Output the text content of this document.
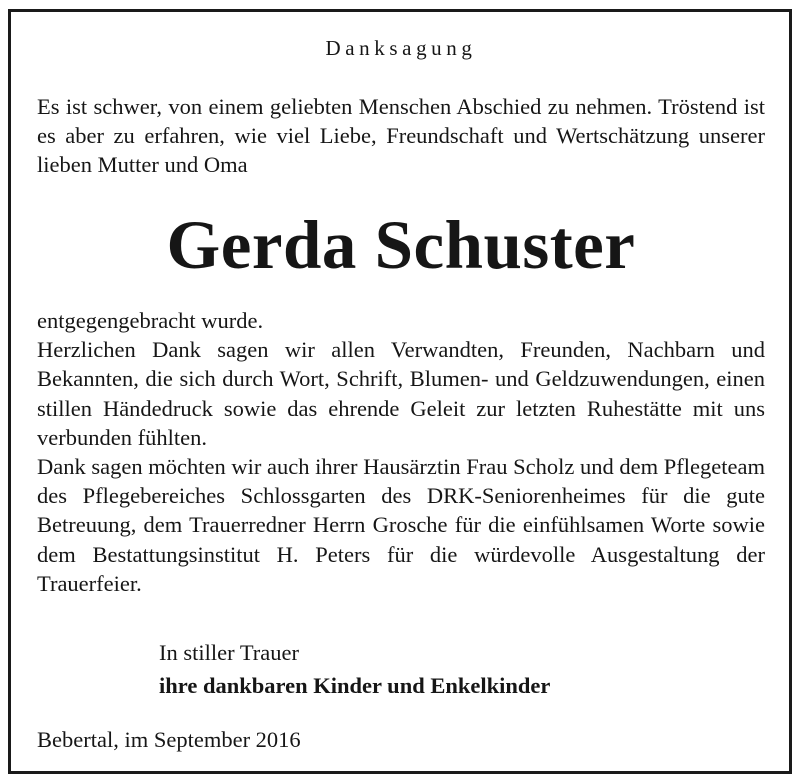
Danksagung
Es ist schwer, von einem geliebten Menschen Abschied zu nehmen. Tröstend ist es aber zu erfahren, wie viel Liebe, Freundschaft und Wertschätzung unserer lieben Mutter und Oma
Gerda Schuster

entgegengebracht wurde.

Herzlichen Dank sagen wir allen Verwandten, Freunden, Nachbarn und Bekannten, die sich durch Wort, Schrift, Blumen- und Geldzuwendungen, einen stillen Händedruck sowie das ehrende Geleit zur letzten Ruhestätte mit uns verbunden fühlten.

Dank sagen möchten wir auch ihrer Hausärztin Frau Scholz und dem Pflegeteam des Pflegebereiches Schlossgarten des DRK-Seniorenheimes für die gute Betreuung, dem Trauerredner Herrn Grosche für die einfühlsamen Worte sowie dem Bestattungsinstitut H. Peters für die würdevolle Ausgestaltung der Trauerfeier.

In stiller Trauer
ihre dankbaren Kinder und Enkelkinder
Bebertal, im September 2016
